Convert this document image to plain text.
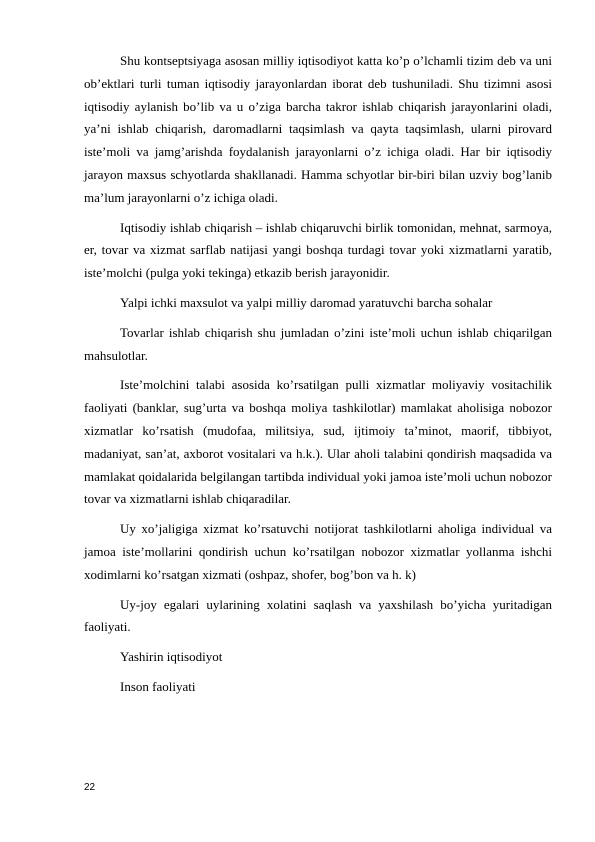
Shu kontseptsiyaga asosan milliy iqtisodiyot katta ko’p o’lchamli tizim deb va uni ob’ektlari turli tuman iqtisodiy jarayonlardan iborat deb tushuniladi. Shu tizimni asosi iqtisodiy aylanish bo’lib va u o’ziga barcha takror ishlab chiqarish jarayonlarini oladi, ya’ni ishlab chiqarish, daromadlarni taqsimlash va qayta taqsimlash, ularni pirovard iste’moli va jamg’arishda foydalanish jarayonlarni o’z ichiga oladi. Har bir iqtisodiy jarayon maxsus schyotlarda shakllanadi. Hamma schyotlar bir-biri bilan uzviy bog’lanib ma’lum jarayonlarni o’z ichiga oladi.

Iqtisodiy ishlab chiqarish – ishlab chiqaruvchi birlik tomonidan, mehnat, sarmoya, er, tovar va xizmat sarflab natijasi yangi boshqa turdagi tovar yoki xizmatlarni yaratib, iste’molchi (pulga yoki tekinga) etkazib berish jarayonidir.

Yalpi ichki maxsulot va yalpi milliy daromad yaratuvchi barcha sohalar

Tovarlar ishlab chiqarish shu jumladan o’zini iste’moli uchun ishlab chiqarilgan mahsulotlar.

Iste’molchini talabi asosida ko’rsatilgan pulli xizmatlar moliyaviy vositachilik faoliyati (banklar, sug’urta va boshqa moliya tashkilotlar) mamlakat aholisiga nobozor xizmatlar ko’rsatish (mudofaa, militsiya, sud, ijtimoiy ta’minot, maorif, tibbiyot, madaniyat, san’at, axborot vositalari va h.k.). Ular aholi talabini qondirish maqsadida va mamlakat qoidalarida belgilangan tartibda individual yoki jamoa iste’moli uchun nobozor tovar va xizmatlarni ishlab chiqaradilar.

Uy xo’jaligiga xizmat ko’rsatuvchi notijorat tashkilotlarni aholiga individual va jamoa iste’mollarini qondirish uchun ko’rsatilgan nobozor xizmatlar yollanma ishchi xodimlarni ko’rsatgan xizmati (oshpaz, shofer, bog’bon va h. k)

Uy-joy egalari uylarining xolatini saqlash va yaxshilash bo’yicha yuritadigan faoliyati.

Yashirin iqtisodiyot

Inson faoliyati

22
